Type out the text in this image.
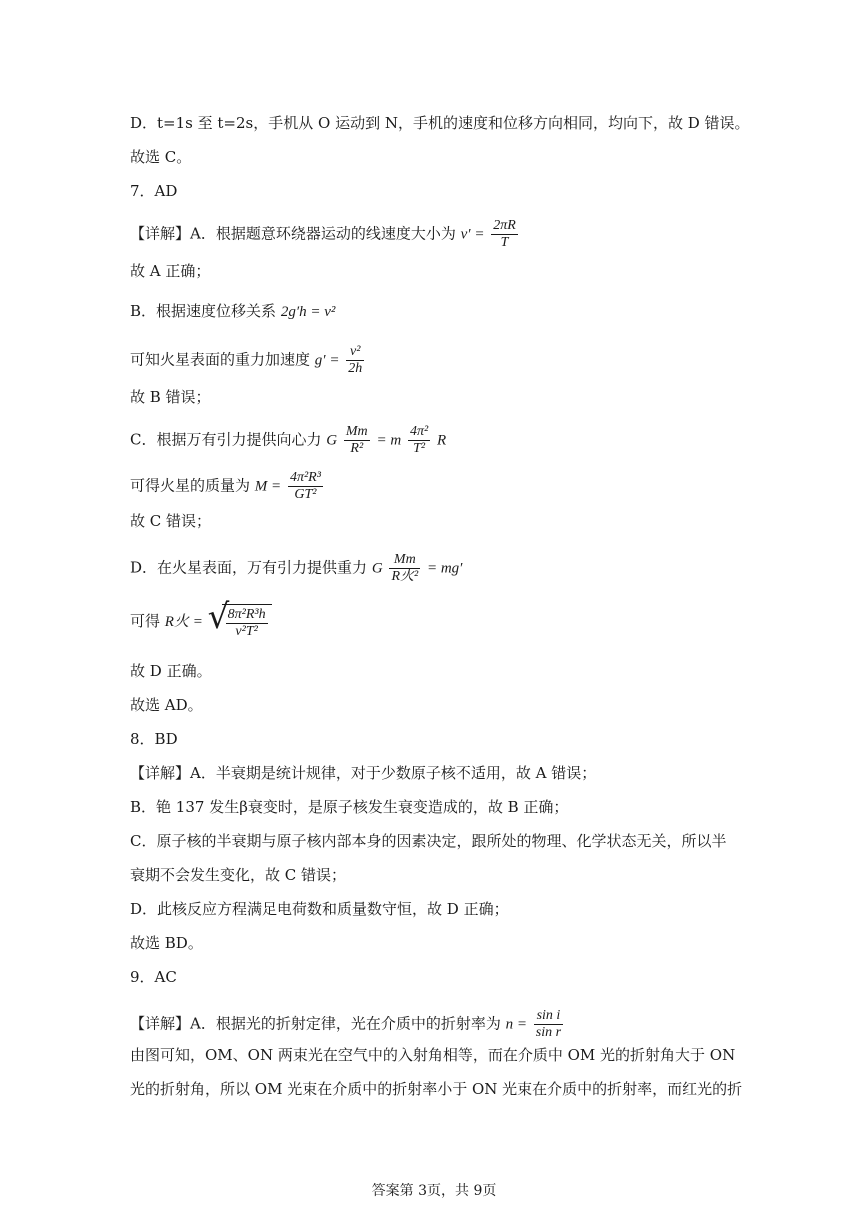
D．t=1s 至 t=2s，手机从 O 运动到 N，手机的速度和位移方向相同，均向下，故 D 错误。
故选 C。
7．AD
【详解】A．根据题意环绕器运动的线速度大小为 $v' = \frac{2\pi R}{T}$
故 A 正确；
B．根据速度位移关系 2g′h = v²
可知火星表面的重力加速度 $g' = \frac{\text{v²}}{2h}$
故 B 错误；
C．根据万有引力提供向心力 G $\frac{Mm}{\text{R²}} = m \frac{\text{4π²}}{\text{T²}}$ R
可得火星的质量为 $M = \frac{\text{4π²R³}}{\text{GT²}}$
故 C 错误；
D．在火星表面，万有引力提供重力 G $\frac{Mm}{\text{R火²}} = mg'$
可得 R火 = √
$\frac{\text{8π²R³h}}{\text{v²T²}}$
故 D 正确。
故选 AD。
8．BD
【详解】A．半衰期是统计规律，对于少数原子核不适用，故 A 错误；
B．铯 137 发生β衰变时，是原子核发生衰变造成的，故 B 正确；
C．原子核的半衰期与原子核内部本身的因素决定，跟所处的物理、化学状态无关，所以半
衰期不会发生变化，故 C 错误；
D．此核反应方程满足电荷数和质量数守恒，故 D 正确；
故选 BD。
9．AC
【详解】A．根据光的折射定律，光在介质中的折射率为 $n = \frac{\text{sin i}}{\text{sin r}}$
由图可知，OM、ON 两束光在空气中的入射角相等，而在介质中 OM 光的折射角大于 ON
光的折射角，所以 OM 光束在介质中的折射率小于 ON 光束在介质中的折射率，而红光的折
答案第 3页，共 9页
